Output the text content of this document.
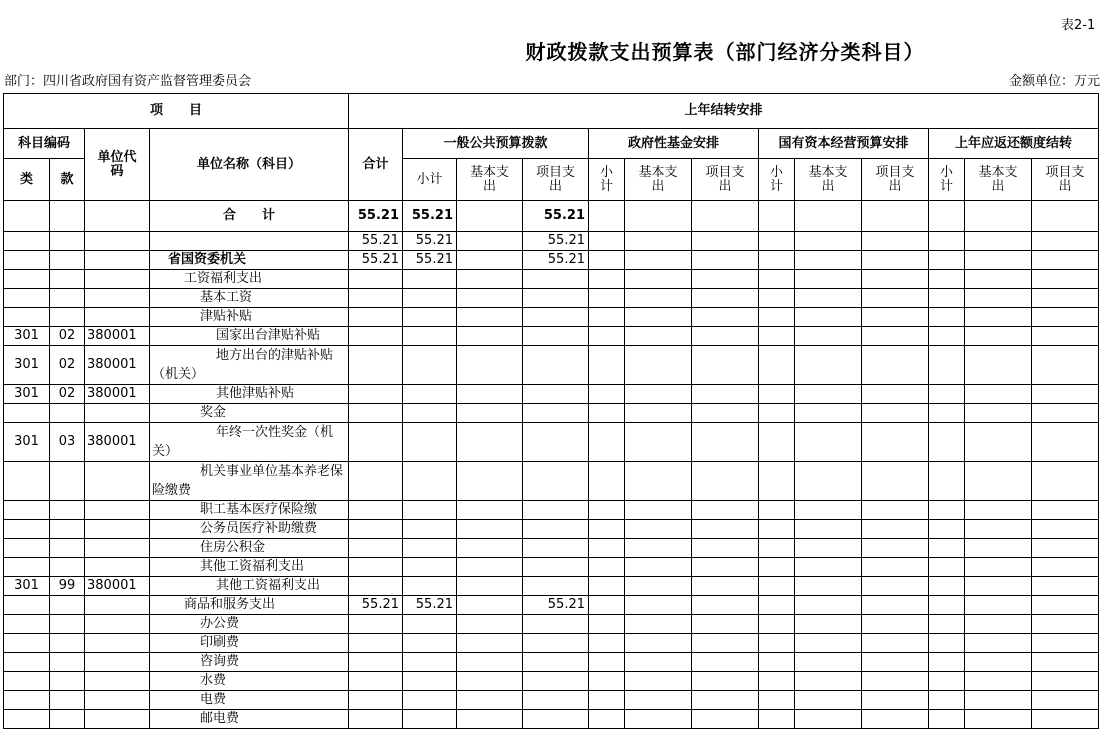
表2-1
财政拨款支出预算表（部门经济分类科目）
部门：四川省政府国有资产监督管理委员会	金额单位：万元
项　　目				上年结转安排												
科目编码		单位代码	单位名称（科目）	合计	一般公共预算拨款			政府性基金安排			国有资本经营预算安排			上年应返还额度结转		
类	款				小计	基本支出	项目支出	小计	基本支出	项目支出	小计	基本支出	项目支出	小计	基本支出	项目支出
			合　　计	55.21	55.21		55.21									
				55.21	55.21		55.21									
			省国资委机关	55.21	55.21		55.21									
			工资福利支出													
			基本工资													
			津贴补贴													
301	02	380001	国家出台津贴补贴													
301	02	380001	地方出台的津贴补贴（机关）													
301	02	380001	其他津贴补贴													
			奖金													
301	03	380001	年终一次性奖金（机关）													
			机关事业单位基本养老保险缴费													
			职工基本医疗保险缴													
			公务员医疗补助缴费													
			住房公积金													
			其他工资福利支出													
301	99	380001	其他工资福利支出													
			商品和服务支出	55.21	55.21		55.21									
			办公费													
			印刷费													
			咨询费													
			水费													
			电费													
			邮电费													
